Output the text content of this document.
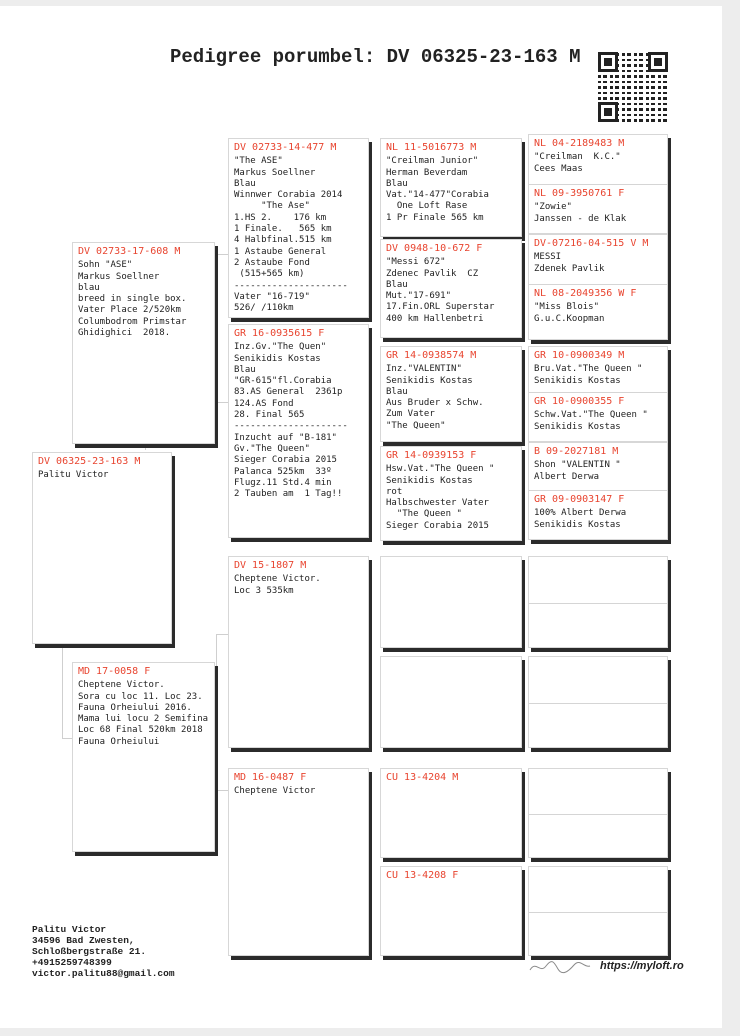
Pedigree porumbel: DV 06325-23-163 M
DV 06325-23-163 M
Palitu Victor
DV 02733-17-608 M
Sohn "ASE"
Markus Soellner
blau
breed in single box.
Vater Place 2/520km
Columbodrom Primstar
Ghidighici  2018.
MD 17-0058 F
Cheptene Victor.
Sora cu loc 11. Loc 23.
Fauna Orheiului 2016.
Mama lui locu 2 Semifina
Loc 68 Final 520km 2018
Fauna Orheiului
DV 02733-14-477 M
"The ASE"
Markus Soellner
Blau
Winnwer Corabia 2014
"The Ase"
1.HS 2.    176 km
1 Finale.   565 km
4 Halbfinal.515 km
1 Astaube General
2 Astaube Fond
(515+565 km)
---------------------
Vater "16-719"
526/ /110km
GR 16-0935615 F
Inz.Gv."The Quen"
Senikidis Kostas
Blau
"GR-615"fl.Corabia
83.AS General  2361p
124.AS Fond
28. Final 565
---------------------
Inzucht auf "B-181"
Gv."The Queen"
Sieger Corabia 2015
Palanca 525km  33º
Flugz.11 Std.4 min
2 Tauben am  1 Tag!!
DV 15-1807 M
Cheptene Victor.
Loc 3 535km
MD 16-0487 F
Cheptene Victor
NL 11-5016773 M
"Creilman Junior"
Herman Beverdam
Blau
Vat."14-477"Corabia
One Loft Rase
1 Pr Finale 565 km
DV 0948-10-672 F
"Messi 672"
Zdenec Pavlik  CZ
Blau
Mut."17-691"
17.Fin.ORL Superstar
400 km Hallenbetri
GR 14-0938574 M
Inz."VALENTIN"
Senikidis Kostas
Blau
Aus Bruder x Schw.
Zum Vater
"The Queen"
GR 14-0939153 F
Hsw.Vat."The Queen "
Senikidis Kostas
rot
Halbschwester Vater
"The Queen "
Sieger Corabia 2015
CU 13-4204 M
CU 13-4208 F
NL 04-2189483 M
"Creilman  K.C."
Cees Maas
NL 09-3950761 F
"Zowie"
Janssen - de Klak
DV-07216-04-515 V M
MESSI
Zdenek Pavlik
NL 08-2049356 W F
"Miss Blois"
G.u.C.Koopman
GR 10-0900349 M
Bru.Vat."The Queen "
Senikidis Kostas
GR 10-0900355 F
Schw.Vat."The Queen "
Senikidis Kostas
B 09-2027181 M
Shon "VALENTIN "
Albert Derwa
GR 09-0903147 F
100% Albert Derwa
Senikidis Kostas
Palitu Victor
34596 Bad Zwesten,
Schloßbergstraße 21.
+4915259748399
victor.palitu88@gmail.com
https://myloft.ro
